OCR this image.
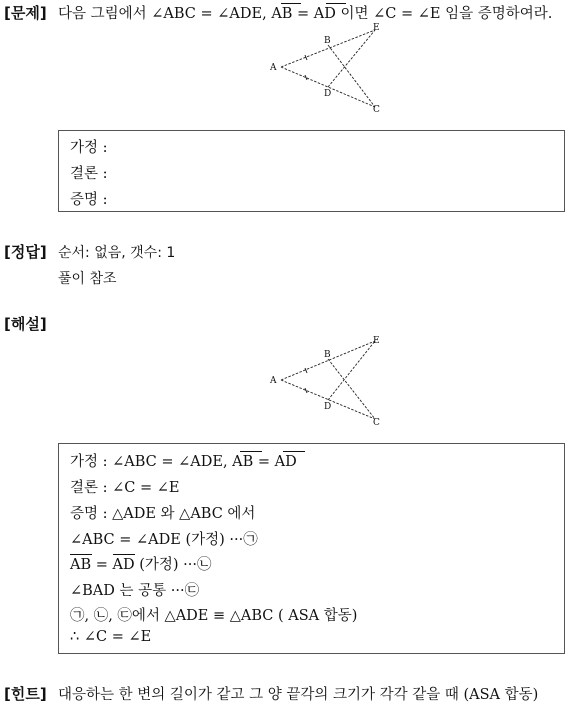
[문제] 다음 그림에서 ∠ABC = ∠ADE, AB = AD 이면 ∠C = ∠E 임을 증명하여라.
A
B
C
D
E
가정 :
결론 :
증명 :
[정답] 순서: 없음, 갯수: 1
풀이 참조
[해설]
A
B
C
D
E
가정 : ∠ABC = ∠ADE, AB = AD
결론 : ∠C = ∠E
증명 : △ADE 와 △ABC 에서
∠ABC = ∠ADE (가정) ···㉠
AB = AD (가정) ···㉡
∠BAD 는 공통 ···㉢
㉠, ㉡, ㉢에서 △ADE ≡ △ABC ( ASA 합동)
∴ ∠C = ∠E
[힌트] 대응하는 한 변의 길이가 같고 그 양 끝각의 크기가 각각 같을 때 (ASA 합동)
